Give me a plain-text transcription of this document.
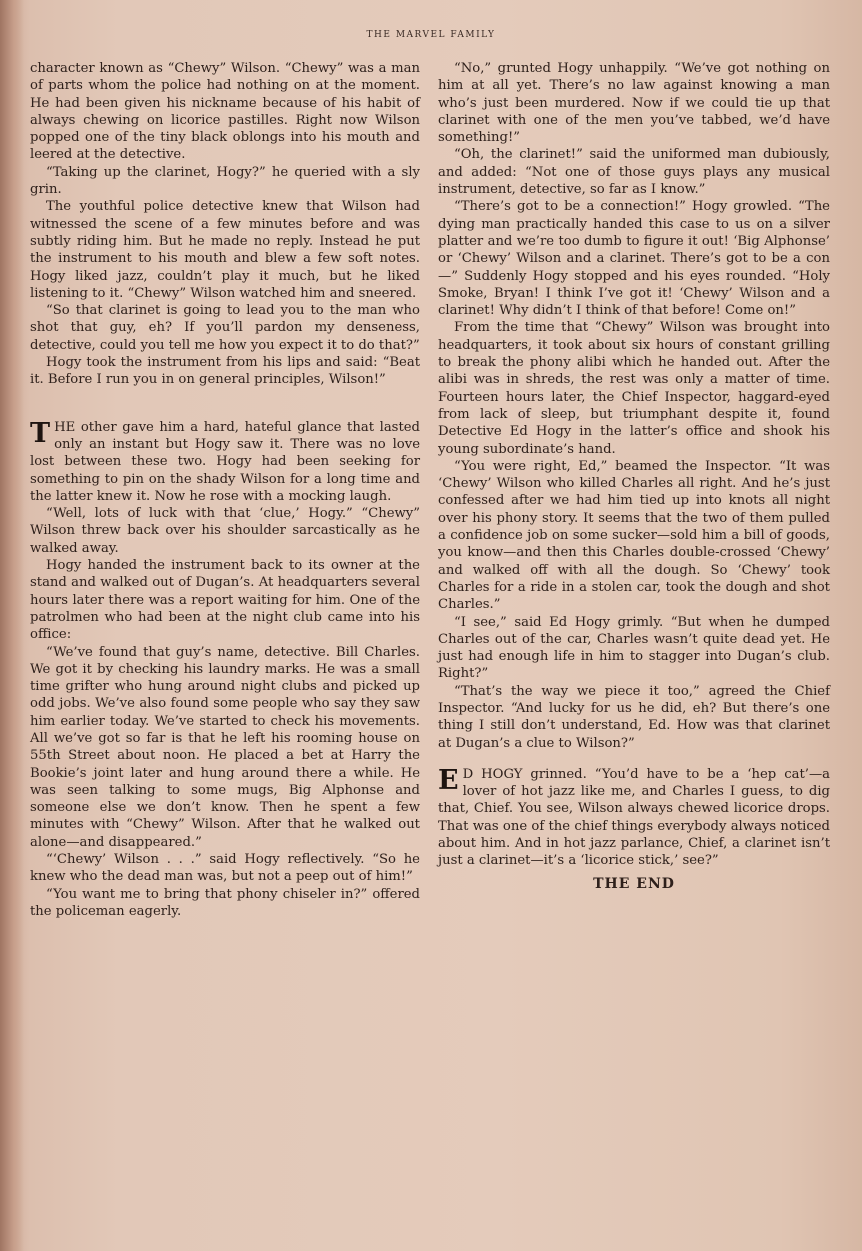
THE MARVEL FAMILY

character known as “Chewy” Wilson. “Chewy” was a man of parts whom the police had nothing on at the moment. He had been given his nickname because of his habit of always chewing on licorice pastilles. Right now Wilson popped one of the tiny black oblongs into his mouth and leered at the detective.

“Taking up the clarinet, Hogy?” he queried with a sly grin.

The youthful police detective knew that Wilson had witnessed the scene of a few minutes before and was subtly riding him. But he made no reply. Instead he put the instrument to his mouth and blew a few soft notes. Hogy liked jazz, couldn’t play it much, but he liked listening to it. “Chewy” Wilson watched him and sneered.

“So that clarinet is going to lead you to the man who shot that guy, eh? If you’ll pardon my denseness, detective, could you tell me how you expect it to do that?”

Hogy took the instrument from his lips and said: “Beat it. Before I run you in on general principles, Wilson!”

THE other gave him a hard, hateful glance that lasted only an instant but Hogy saw it. There was no love lost between these two. Hogy had been seeking for something to pin on the shady Wilson for a long time and the latter knew it. Now he rose with a mocking laugh.

“Well, lots of luck with that ‘clue,’ Hogy.” “Chewy” Wilson threw back over his shoulder sarcastically as he walked away.

Hogy handed the instrument back to its owner at the stand and walked out of Dugan’s. At headquarters several hours later there was a report waiting for him. One of the patrolmen who had been at the night club came into his office:

“We’ve found that guy’s name, detective. Bill Charles. We got it by checking his laundry marks. He was a small time grifter who hung around night clubs and picked up odd jobs. We’ve also found some people who say they saw him earlier today. We’ve started to check his movements. All we’ve got so far is that he left his rooming house on 55th Street about noon. He placed a bet at Harry the Bookie’s joint later and hung around there a while. He was seen talking to some mugs, Big Alphonse and someone else we don’t know. Then he spent a few minutes with “Chewy” Wilson. After that he walked out alone—and disappeared.”

“‘Chewy’ Wilson . . .” said Hogy reflectively. “So he knew who the dead man was, but not a peep out of him!”

“You want me to bring that phony chiseler in?” offered the policeman eagerly.

“No,” grunted Hogy unhappily. “We’ve got nothing on him at all yet. There’s no law against knowing a man who’s just been murdered. Now if we could tie up that clarinet with one of the men you’ve tabbed, we’d have something!”

“Oh, the clarinet!” said the uniformed man dubiously, and added: “Not one of those guys plays any musical instrument, detective, so far as I know.”

“There’s got to be a connection!” Hogy growled. “The dying man practically handed this case to us on a silver platter and we’re too dumb to figure it out! ‘Big Alphonse’ or ‘Chewy’ Wilson and a clarinet. There’s got to be a con—” Suddenly Hogy stopped and his eyes rounded. “Holy Smoke, Bryan! I think I’ve got it! ‘Chewy’ Wilson and a clarinet! Why didn’t I think of that before! Come on!”

From the time that “Chewy” Wilson was brought into headquarters, it took about six hours of constant grilling to break the phony alibi which he handed out. After the alibi was in shreds, the rest was only a matter of time. Fourteen hours later, the Chief Inspector, haggard-eyed from lack of sleep, but triumphant despite it, found Detective Ed Hogy in the latter’s office and shook his young subordinate’s hand.

“You were right, Ed,” beamed the Inspector. “It was ‘Chewy’ Wilson who killed Charles all right. And he’s just confessed after we had him tied up into knots all night over his phony story. It seems that the two of them pulled a confidence job on some sucker—sold him a bill of goods, you know—and then this Charles double-crossed ‘Chewy’ and walked off with all the dough. So ‘Chewy’ took Charles for a ride in a stolen car, took the dough and shot Charles.”

“I see,” said Ed Hogy grimly. “But when he dumped Charles out of the car, Charles wasn’t quite dead yet. He just had enough life in him to stagger into Dugan’s club. Right?”

“That’s the way we piece it too,” agreed the Chief Inspector. “And lucky for us he did, eh? But there’s one thing I still don’t understand, Ed. How was that clarinet at Dugan’s a clue to Wilson?”

E D HOGY grinned. “You’d have to be a ‘hep cat’—a lover of hot jazz like me, and Charles I guess, to dig that, Chief. You see, Wilson always chewed licorice drops. That was one of the chief things everybody always noticed about him. And in hot jazz parlance, Chief, a clarinet isn’t just a clarinet—it’s a ‘licorice stick,’ see?”

THE END
